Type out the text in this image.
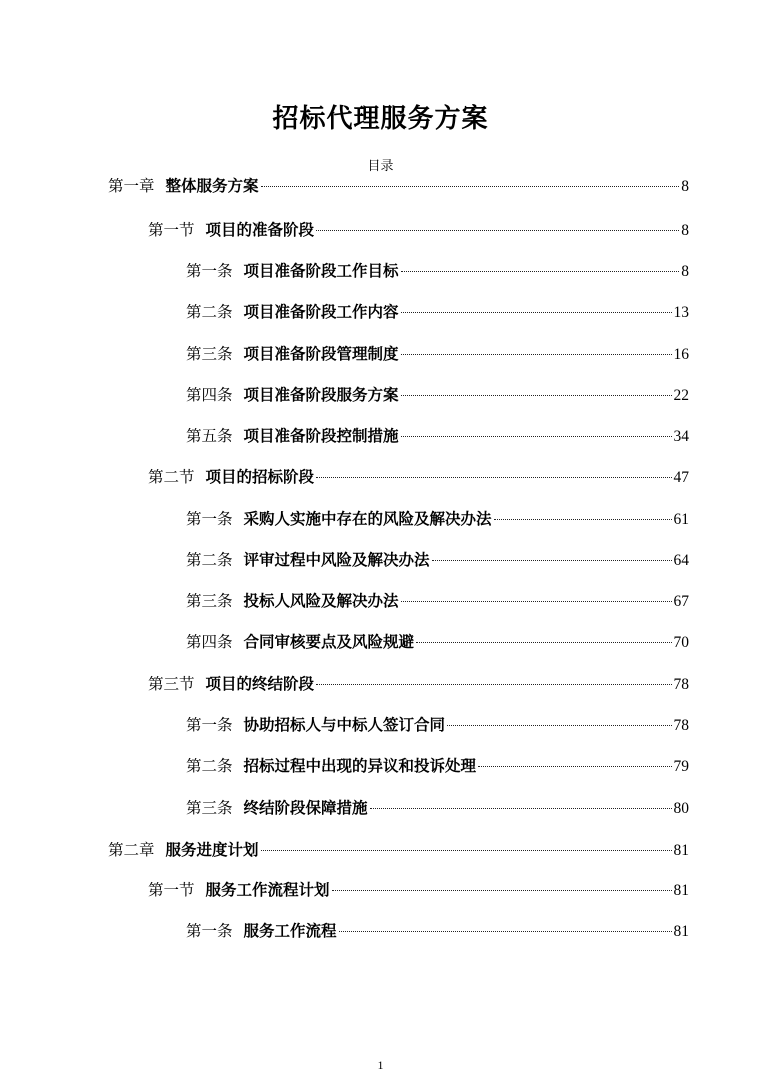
招标代理服务方案
目录
第一章 整体服务方案	8
第一节 项目的准备阶段	8
第一条 项目准备阶段工作目标	8
第二条 项目准备阶段工作内容	13
第三条 项目准备阶段管理制度	16
第四条 项目准备阶段服务方案	22
第五条 项目准备阶段控制措施	34
第二节 项目的招标阶段	47
第一条 采购人实施中存在的风险及解决办法	61
第二条 评审过程中风险及解决办法	64
第三条 投标人风险及解决办法	67
第四条 合同审核要点及风险规避	70
第三节 项目的终结阶段	78
第一条 协助招标人与中标人签订合同	78
第二条 招标过程中出现的异议和投诉处理	79
第三条 终结阶段保障措施	80
第二章 服务进度计划	81
第一节 服务工作流程计划	81
第一条 服务工作流程	81
1
